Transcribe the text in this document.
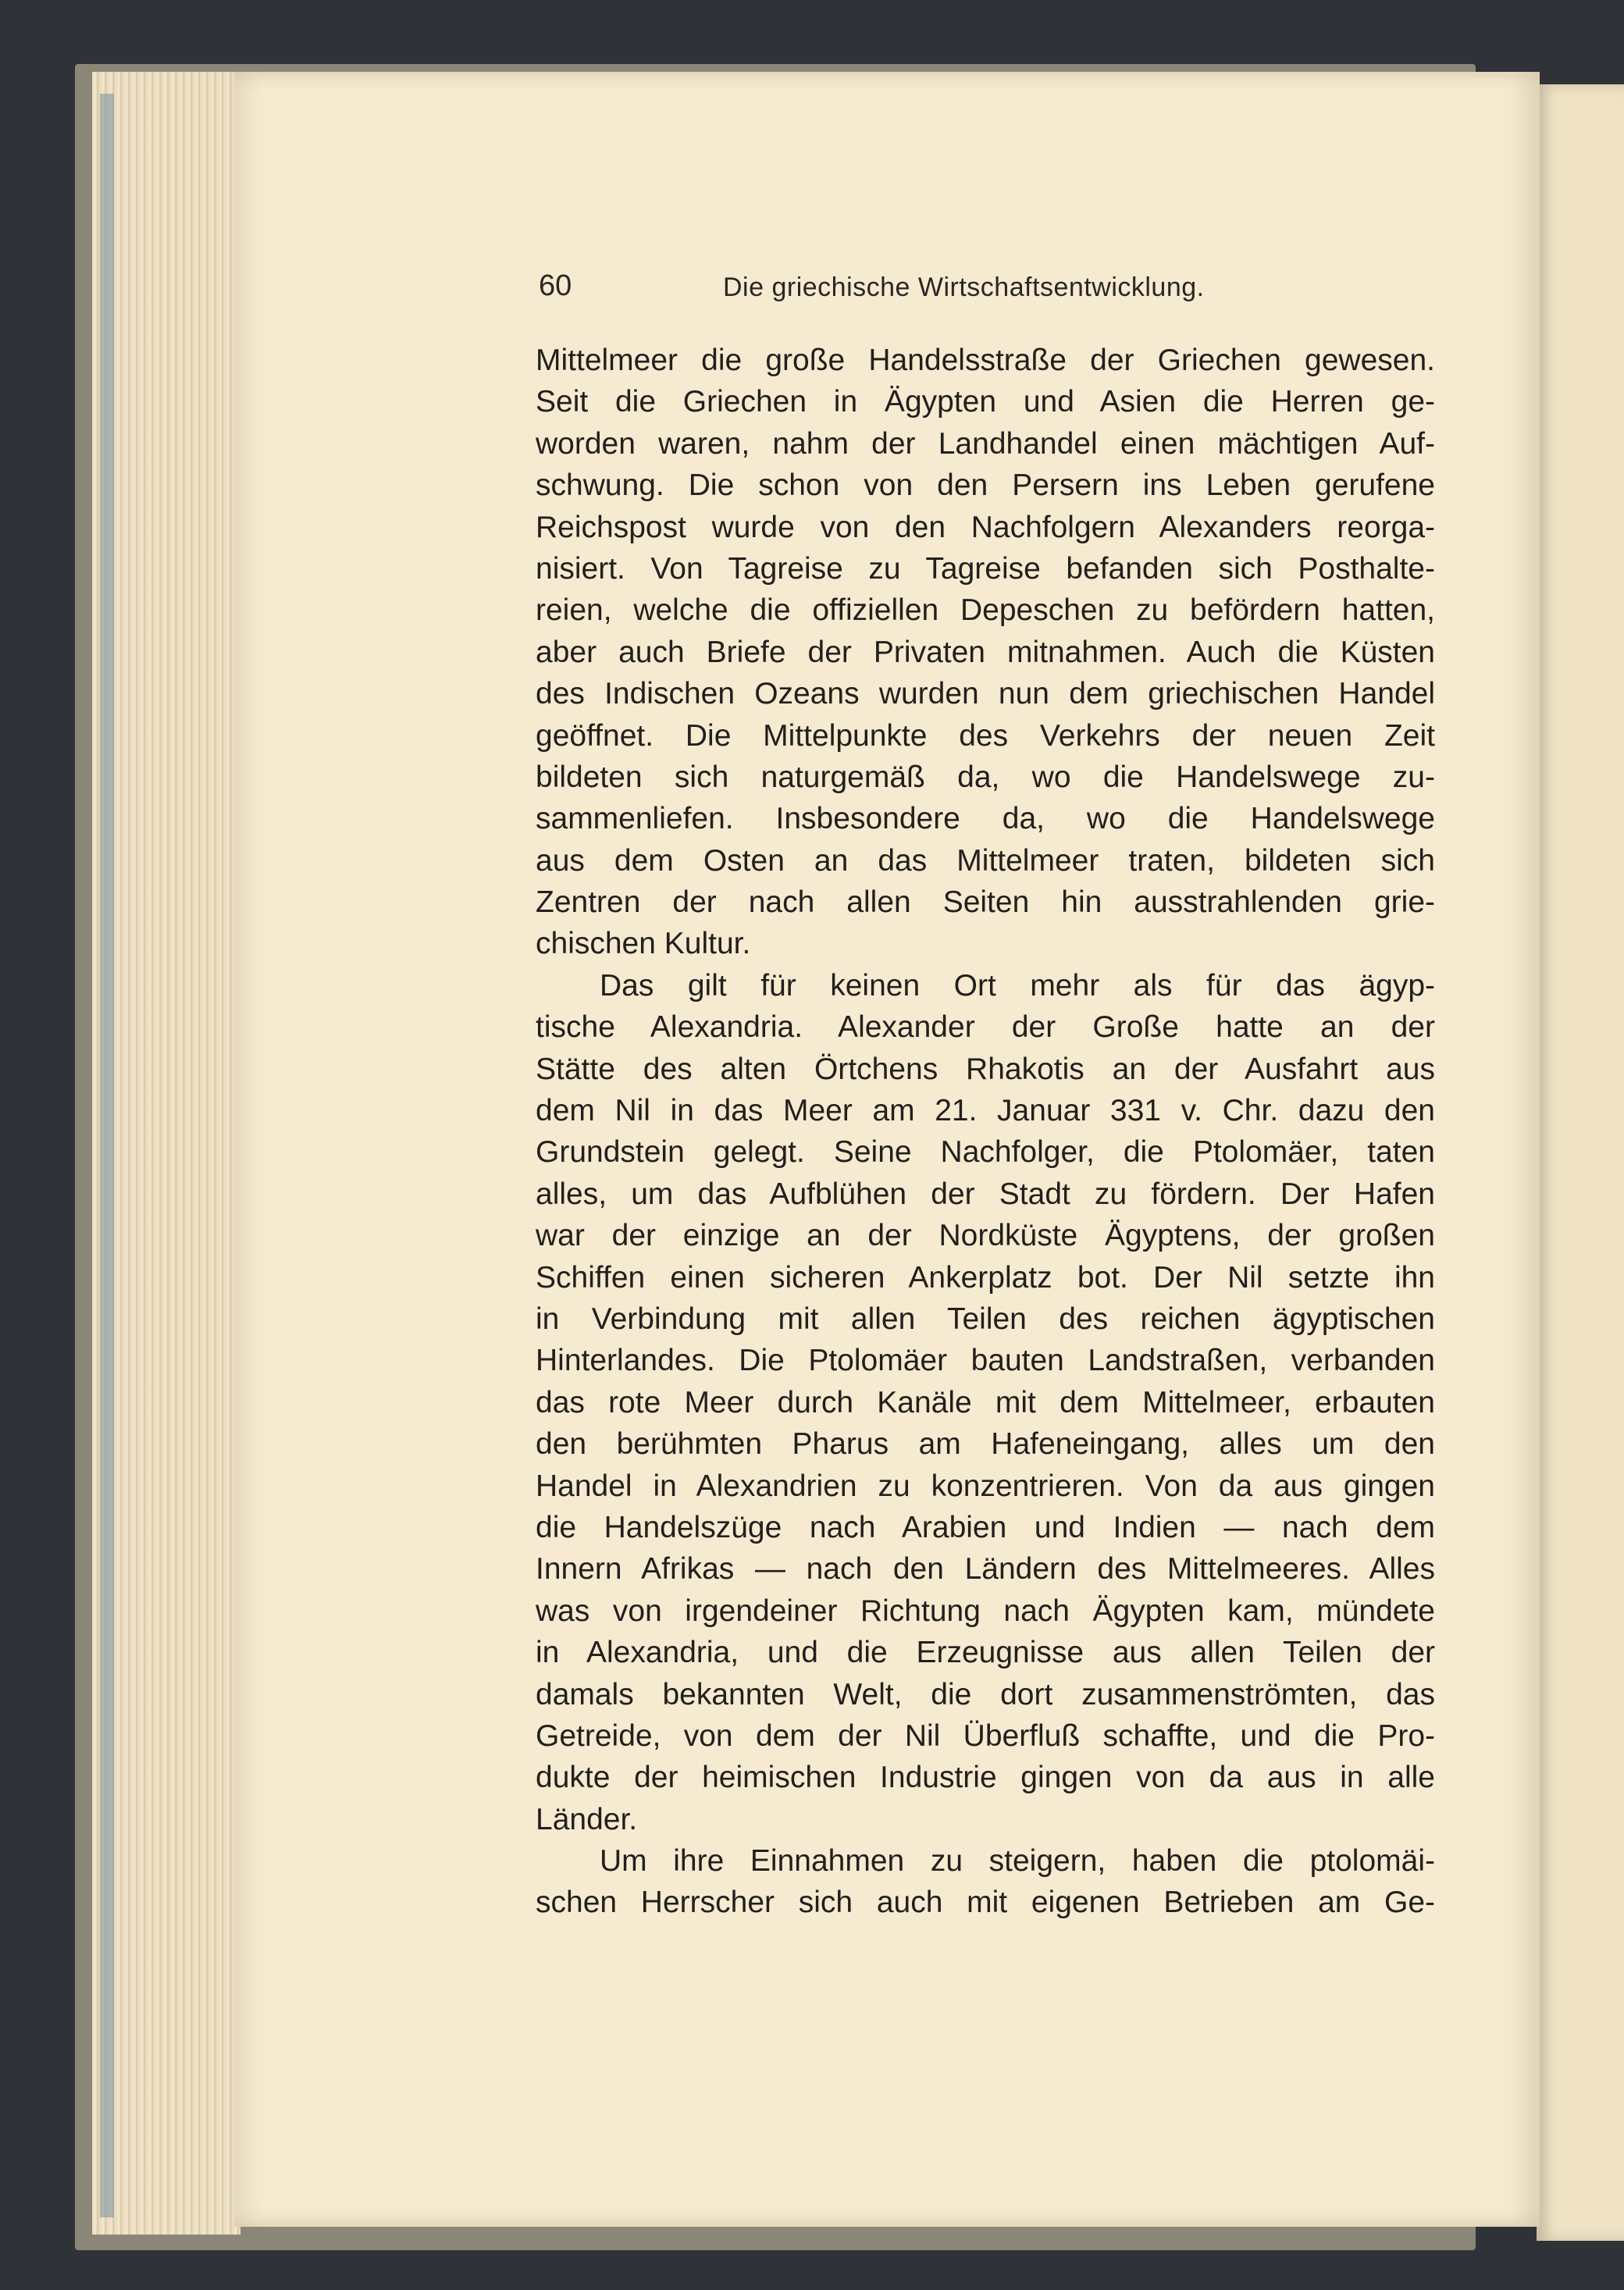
60	Die griechische Wirtschaftsentwicklung.
Mittelmeer die große Handelsstraße der Griechen gewesen.
Seit die Griechen in Ägypten und Asien die Herren ge-
worden waren, nahm der Landhandel einen mächtigen Auf-
schwung. Die schon von den Persern ins Leben gerufene
Reichspost wurde von den Nachfolgern Alexanders reorga-
nisiert. Von Tagreise zu Tagreise befanden sich Posthalte-
reien, welche die offiziellen Depeschen zu befördern hatten,
aber auch Briefe der Privaten mitnahmen. Auch die Küsten
des Indischen Ozeans wurden nun dem griechischen Handel
geöffnet. Die Mittelpunkte des Verkehrs der neuen Zeit
bildeten sich naturgemäß da, wo die Handelswege zu-
sammenliefen. Insbesondere da, wo die Handelswege
aus dem Osten an das Mittelmeer traten, bildeten sich
Zentren der nach allen Seiten hin ausstrahlenden grie-
chischen Kultur.
Das gilt für keinen Ort mehr als für das ägyp-
tische Alexandria. Alexander der Große hatte an der
Stätte des alten Örtchens Rhakotis an der Ausfahrt aus
dem Nil in das Meer am 21. Januar 331 v. Chr. dazu den
Grundstein gelegt. Seine Nachfolger, die Ptolomäer, taten
alles, um das Aufblühen der Stadt zu fördern. Der Hafen
war der einzige an der Nordküste Ägyptens, der großen
Schiffen einen sicheren Ankerplatz bot. Der Nil setzte ihn
in Verbindung mit allen Teilen des reichen ägyptischen
Hinterlandes. Die Ptolomäer bauten Landstraßen, verbanden
das rote Meer durch Kanäle mit dem Mittelmeer, erbauten
den berühmten Pharus am Hafeneingang, alles um den
Handel in Alexandrien zu konzentrieren. Von da aus gingen
die Handelszüge nach Arabien und Indien — nach dem
Innern Afrikas — nach den Ländern des Mittelmeeres. Alles
was von irgendeiner Richtung nach Ägypten kam, mündete
in Alexandria, und die Erzeugnisse aus allen Teilen der
damals bekannten Welt, die dort zusammenströmten, das
Getreide, von dem der Nil Überfluß schaffte, und die Pro-
dukte der heimischen Industrie gingen von da aus in alle
Länder.
Um ihre Einnahmen zu steigern, haben die ptolomäi-
schen Herrscher sich auch mit eigenen Betrieben am Ge-
